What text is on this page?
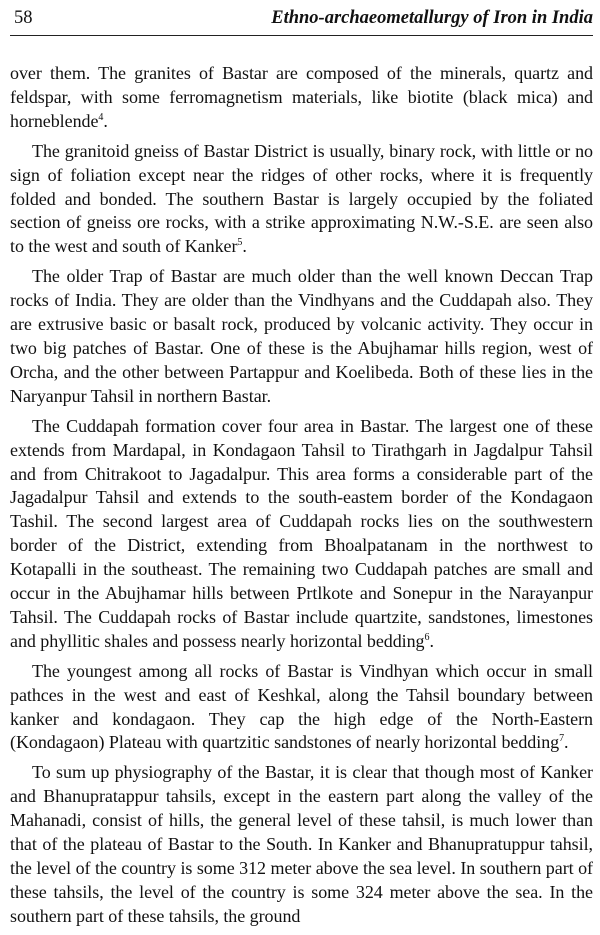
58	Ethno-archaeometallurgy of Iron in India

over them. The granites of Bastar are composed of the minerals, quartz and feldspar, with some ferromagnetism materials, like biotite (black mica) and horneblende$^4$.

The granitoid gneiss of Bastar District is usually, binary rock, with little or no sign of foliation except near the ridges of other rocks, where it is frequently folded and bonded. The southern Bastar is largely occupied by the foliated section of gneiss ore rocks, with a strike approximating N.W.-S.E. are seen also to the west and south of Kanker$^5$.

The older Trap of Bastar are much older than the well known Deccan Trap rocks of India. They are older than the Vindhyans and the Cuddapah also. They are extrusive basic or basalt rock, produced by volcanic activity. They occur in two big patches of Bastar. One of these is the Abujhamar hills region, west of Orcha, and the other between Partappur and Koelibeda. Both of these lies in the Naryanpur Tahsil in northern Bastar.

The Cuddapah formation cover four area in Bastar. The largest one of these extends from Mardapal, in Kondagaon Tahsil to Tirathgarh in Jagdalpur Tahsil and from Chitrakoot to Jagadalpur. This area forms a considerable part of the Jagadalpur Tahsil and extends to the south-eastem border of the Kondagaon Tashil. The second largest area of Cuddapah rocks lies on the southwestern border of the District, extending from Bhoalpatanam in the northwest to Kotapalli in the southeast. The remaining two Cuddapah patches are small and occur in the Abujhamar hills between Prtlkote and Sonepur in the Narayanpur Tahsil. The Cuddapah rocks of Bastar include quartzite, sandstones, limestones and phyllitic shales and possess nearly horizontal bedding$^6$.

The youngest among all rocks of Bastar is Vindhyan which occur in small pathces in the west and east of Keshkal, along the Tahsil boundary between kanker and kondagaon. They cap the high edge of the North-Eastern (Kondagaon) Plateau with quartzitic sandstones of nearly horizontal bedding$^7$.

To sum up physiography of the Bastar, it is clear that though most of Kanker and Bhanupratappur tahsils, except in the eastern part along the valley of the Mahanadi, consist of hills, the general level of these tahsil, is much lower than that of the plateau of Bastar to the South. In Kanker and Bhanupratuppur tahsil, the level of the country is some 312 meter above the sea level. In southern part of these tahsils, the level of the country is some 324 meter above the sea. In the southern part of these tahsils, the ground
